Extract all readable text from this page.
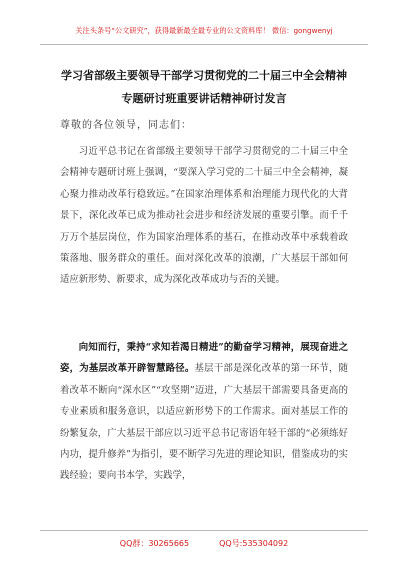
关注头条号“公文研究”，获得最新最全最专业的公文资料库！ 微信：gongwenyj
学习省部级主要领导干部学习贯彻党的二十届三中全会精神专题研讨班重要讲话精神研讨发言
尊敬的各位领导，同志们：
习近平总书记在省部级主要领导干部学习贯彻党的二十届三中全会精神专题研讨班上强调，“要深入学习党的二十届三中全会精神，凝心聚力推动改革行稳致远。”在国家治理体系和治理能力现代化的大背景下，深化改革已成为推动社会进步和经济发展的重要引擎。而千千万万个基层岗位，作为国家治理体系的基石，在推动改革中承载着政策落地、服务群众的重任。面对深化改革的浪潮，广大基层干部如何适应新形势、新要求，成为深化改革成功与否的关键。
向知而行，秉持“求知若渴日精进”的勤奋学习精神，展现奋进之姿，为基层改革开辟智慧路径。基层干部是深化改革的第一环节，随着改革不断向“深水区”“攻坚期”迈进，广大基层干部需要具备更高的专业素质和服务意识，以适应新形势下的工作需求。面对基层工作的纷繁复杂，广大基层干部应以习近平总书记寄语年轻干部的“必须练好内功，提升修养”为指引，要不断学习先进的理论知识，借鉴成功的实践经验；要向书本学，实践学，
QQ群：30265665	QQ号:535304092
